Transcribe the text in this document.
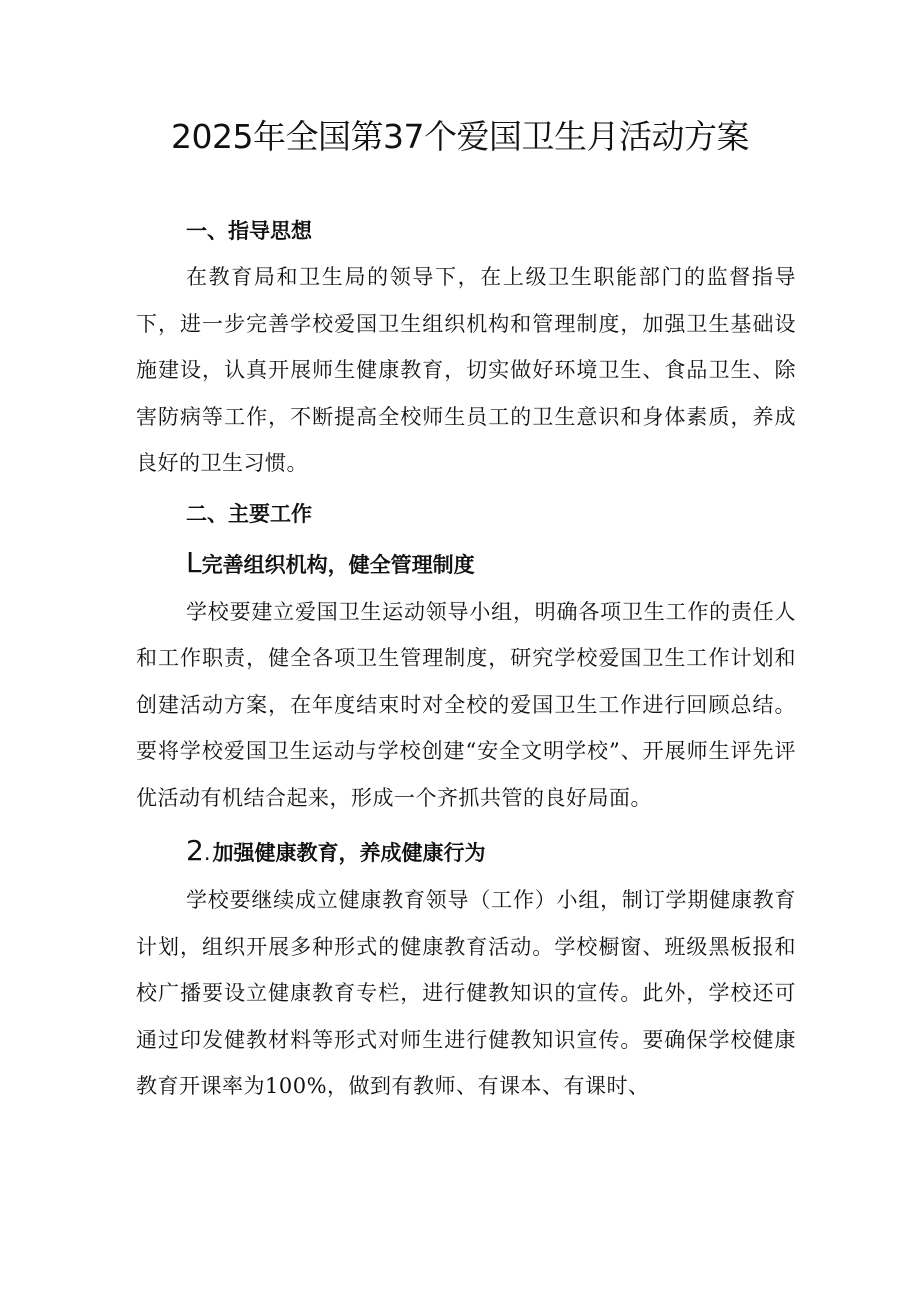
2025年全国第37个爱国卫生月活动方案
一、指导思想

在教育局和卫生局的领导下，在上级卫生职能部门的监督指导下，进一步完善学校爱国卫生组织机构和管理制度，加强卫生基础设施建设，认真开展师生健康教育，切实做好环境卫生、食品卫生、除害防病等工作，不断提高全校师生员工的卫生意识和身体素质，养成良好的卫生习惯。

二、主要工作
L完善组织机构，健全管理制度

学校要建立爱国卫生运动领导小组，明确各项卫生工作的责任人和工作职责，健全各项卫生管理制度，研究学校爱国卫生工作计划和创建活动方案，在年度结束时对全校的爱国卫生工作进行回顾总结。要将学校爱国卫生运动与学校创建“安全文明学校”、开展师生评先评优活动有机结合起来，形成一个齐抓共管的良好局面。

2.加强健康教育，养成健康行为

学校要继续成立健康教育领导（工作）小组，制订学期健康教育计划，组织开展多种形式的健康教育活动。学校橱窗、班级黑板报和校广播要设立健康教育专栏，进行健教知识的宣传。此外，学校还可通过印发健教材料等形式对师生进行健教知识宣传。要确保学校健康教育开课率为100%，做到有教师、有课本、有课时、
